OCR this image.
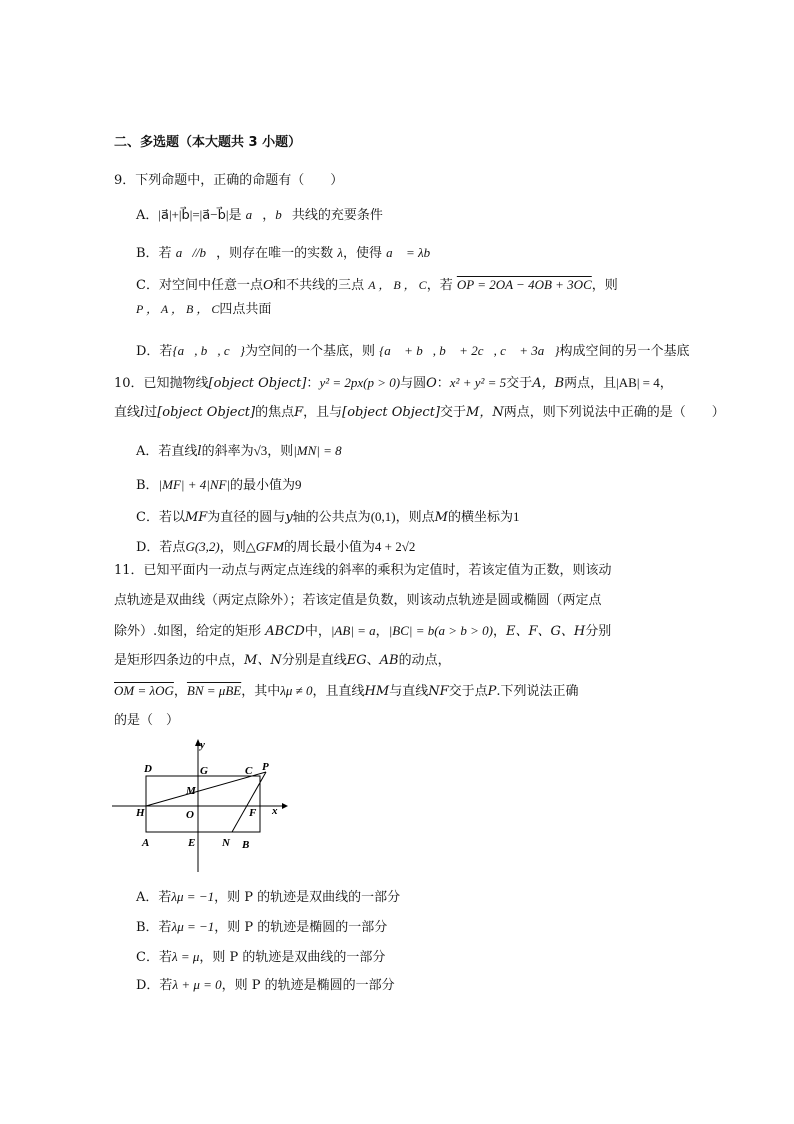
二、多选题（本大题共 3 小题）
9．下列命题中，正确的命题有（　　）
A．|a⃗|+|b⃗|=|a⃗−b⃗|是 a⃗，b⃗共线的充要条件
B．若 a⃗//b⃗，则存在唯一的实数 λ，使得 a⃗ = λb⃗
C．对空间中任意一点O和不共线的三点 A ， B ， C，若 OP = 2OA − 4OB + 3OC，则
P ， A ， B ， C四点共面
D．若{a⃗, b⃗, c⃗}为空间的一个基底，则 {a⃗ + b⃗, b⃗ + 2c⃗, c⃗ + 3a⃗}构成空间的另一个基底
10．已知抛物线[object Object]：y² = 2px(p > 0)与圆O：x² + y² = 5交于A，B两点，且|AB| = 4，
直线l过[object Object]的焦点F，且与[object Object]交于M，N两点，则下列说法中正确的是（　　）
A．若直线l的斜率为√3，则|MN| = 8
B．|MF| + 4|NF|的最小值为9
C．若以MF为直径的圆与y轴的公共点为(0,1)，则点M的横坐标为1
D．若点G(3,2)，则△GFM的周长最小值为4 + 2√2
11．已知平面内一动点与两定点连线的斜率的乘积为定值时，若该定值为正数，则该动
点轨迹是双曲线（两定点除外）；若该定值是负数，则该动点轨迹是圆或椭圆（两定点
除外）.如图，给定的矩形 ABCD中，|AB| = a，|BC| = b(a > b > 0)，E、F、G、H分别
是矩形四条边的中点，M、N分别是直线EG、AB的动点，
OM = λOG，BN = μBE，其中λμ ≠ 0，且直线HM与直线NF交于点P.下列说法正确
的是（　）
y
x
D	G	C P
M
H	O	F
A	E N B
A．若λμ = −1，则 P 的轨迹是双曲线的一部分
B．若λμ = −1，则 P 的轨迹是椭圆的一部分
C．若λ = μ，则 P 的轨迹是双曲线的一部分
D．若λ + μ = 0，则 P 的轨迹是椭圆的一部分
